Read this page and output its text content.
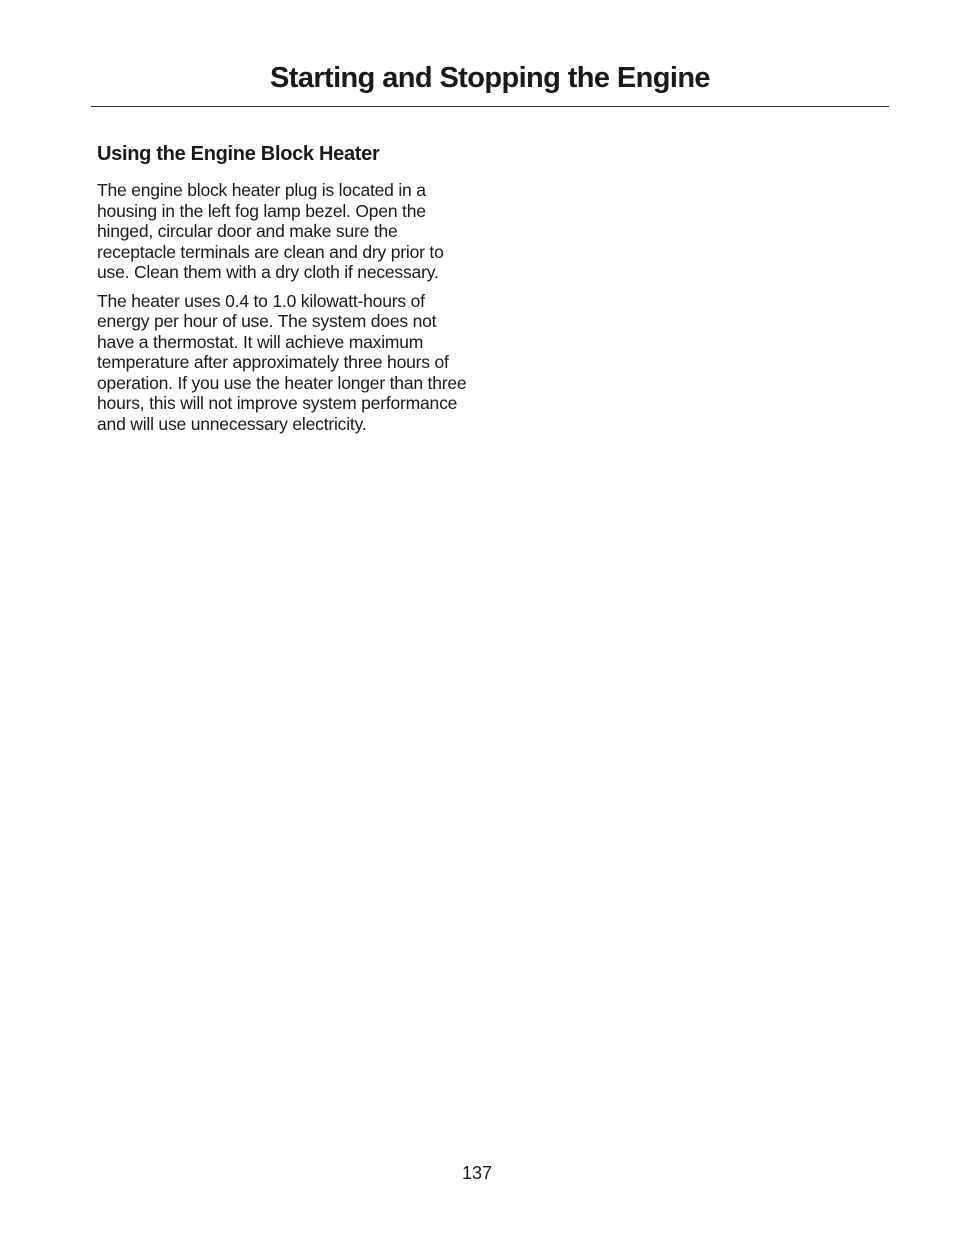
Starting and Stopping the Engine
Using the Engine Block Heater

The engine block heater plug is located in a housing in the left fog lamp bezel. Open the hinged, circular door and make sure the receptacle terminals are clean and dry prior to use. Clean them with a dry cloth if necessary.

The heater uses 0.4 to 1.0 kilowatt-hours of energy per hour of use. The system does not have a thermostat. It will achieve maximum temperature after approximately three hours of operation. If you use the heater longer than three hours, this will not improve system performance and will use unnecessary electricity.

137
